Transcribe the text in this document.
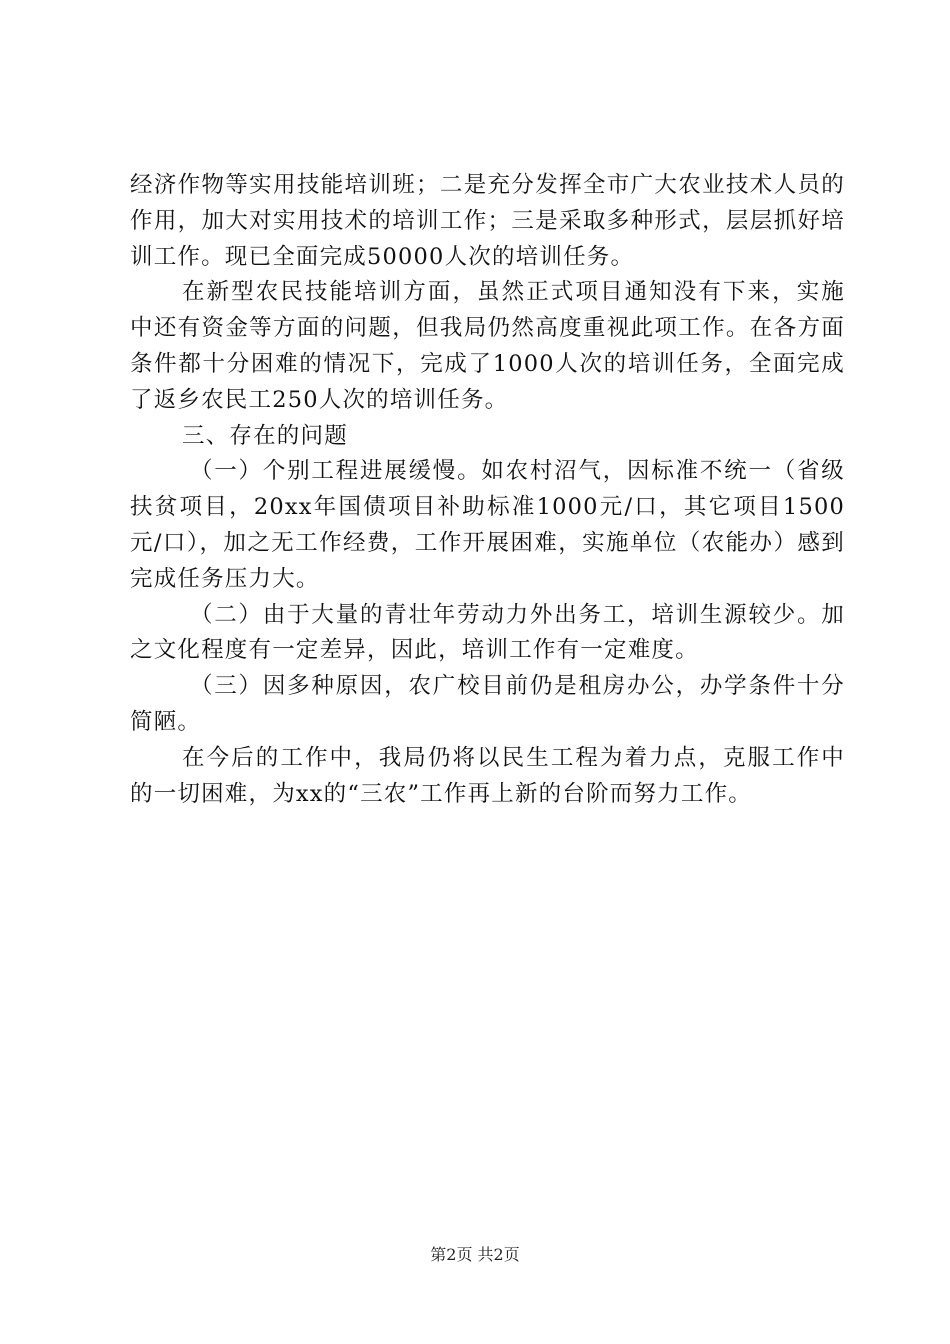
经济作物等实用技能培训班；二是充分发挥全市广大农业技术人员的作用，加大对实用技术的培训工作；三是采取多种形式，层层抓好培训工作。现已全面完成50000人次的培训任务。

在新型农民技能培训方面，虽然正式项目通知没有下来，实施中还有资金等方面的问题，但我局仍然高度重视此项工作。在各方面条件都十分困难的情况下，完成了1000人次的培训任务，全面完成了返乡农民工250人次的培训任务。

三、存在的问题

（一）个别工程进展缓慢。如农村沼气，因标准不统一（省级扶贫项目，20xx年国债项目补助标准1000元/口，其它项目1500元/口），加之无工作经费，工作开展困难，实施单位（农能办）感到完成任务压力大。

（二）由于大量的青壮年劳动力外出务工，培训生源较少。加之文化程度有一定差异，因此，培训工作有一定难度。

（三）因多种原因，农广校目前仍是租房办公，办学条件十分简陋。

在今后的工作中，我局仍将以民生工程为着力点，克服工作中的一切困难，为xx的“三农”工作再上新的台阶而努力工作。

第2页 共2页
